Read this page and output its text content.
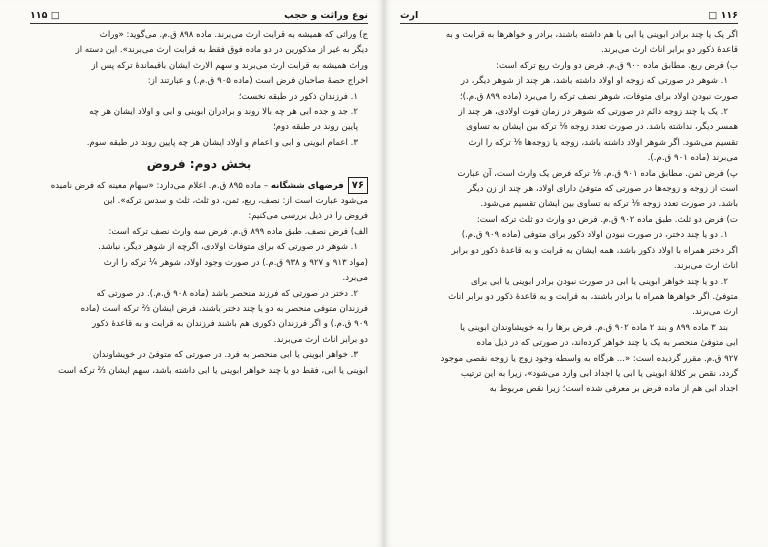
نوع وراثت و حجب
□ ۱۱۵

ج) وراثی که همیشه به قرابت ارث می‌برند. ماده ۸۹۸ ق.م. می‌گوید: «وراث

دیگر به غیر از مذکورین در دو ماده فوق فقط به قرابت ارث می‌برند». این دسته از

وراث همیشه به قرابت ارث می‌برند و سهم الارث ایشان باقیماندهٔ ترکه پس از

اخراج حصهٔ صاحبان فرض است (ماده ۹۰۵ ق.م.) و عبارتند از:

۱. فرزندان ذکور در طبقه نخست؛

۲. جد و جده ابی هر چه بالا روند و برادران ابوینی و ابی و اولاد ایشان هر چه

پایین روند در طبقه دوم؛

۳. اعمام ابوینی و ابی و اعمام و اولاد ایشان هر چه پایین روند در طبقه سوم.

بخش دوم: فروض

۷۶فرضهای ششگانه – ماده ۸۹۵ ق.م. اعلام می‌دارد: «سهام معینه که فرض نامیده

می‌شود عبارت است از: نصف، ربع، ثمن، دو ثلث، ثلث و سدس ترکه». این

فروض را در ذیل بررسی می‌کنیم:

الف) فرض نصف. طبق ماده ۸۹۹ ق.م. فرض سه وارث نصف ترکه است:

۱. شوهر در صورتی که برای متوفات اولادی، اگرچه از شوهر دیگر، نباشد.

(مواد ۹۱۳ و ۹۲۷ و ۹۳۸ ق.م.) در صورت وجود اولاد، شوهر ¼ ترکه را ارث

می‌برد.

۲. دختر در صورتی که فرزند منحصر باشد (ماده ۹۰۸ ق.م.). در صورتی که

فرزندان متوفی منحصر به دو یا چند دختر باشند، فرض ایشان ⅔ ترکه است (ماده

۹۰۹ ق.م.) و اگر فرزندان ذکوری هم باشند فرزندان به قرابت و به قاعدهٔ ذکور

دو برابر اناث ارث می‌برند.

۳. خواهر ابوینی یا ابی منحصر به فرد. در صورتی که متوفیٰ در خویشاوندان

ابوینی یا ابی، فقط دو یا چند خواهر ابوینی یا ابی داشته باشد، سهم ایشان ⅔ ترکه است

۱۱۶ □
ارث

اگر یک یا چند برادر ابوینی یا ابی با هم داشته باشند، برادر و خواهرها به قرابت و به

قاعدهٔ ذکور دو برابر اناث ارث می‌برند.

ب) فرض ربع. مطابق ماده ۹۰۰ ق.م. فرض دو وارث ربع ترکه است:

۱. شوهر در صورتی که زوجه او اولاد داشته باشد، هر چند از شوهر دیگر، در

صورت نبودن اولاد برای متوفات، شوهر نصف ترکه را می‌برد (ماده ۸۹۹ ق.م.)؛

۲. یک یا چند زوجه دائم در صورتی که شوهر در زمان فوت اولادی، هر چند از

همسر دیگر، نداشته باشد. در صورت تعدد زوجه ⅛ ترکه بین ایشان به تساوی

تقسیم می‌شود. اگر شوهر اولاد داشته باشد، زوجه یا زوجه‌ها ⅛ ترکه را ارث

می‌برند (ماده ۹۰۱ ق.م.).

پ) فرض ثمن. مطابق ماده ۹۰۱ ق.م. ⅛ ترکه فرض یک وارث است، آن عبارت

است از زوجه و زوجه‌ها در صورتی که متوفیٰ دارای اولاد، هر چند از زن دیگر

باشد. در صورت تعدد زوجه ⅛ ترکه به تساوی بین ایشان تقسیم می‌شود.

ت) فرض دو ثلث. طبق ماده ۹۰۲ ق.م. فرض دو وارث دو ثلث ترکه است:

۱. دو یا چند دختر، در صورت نبودن اولاد ذکور برای متوفی (ماده ۹۰۹ ق.م.)

اگر دختر همراه با اولاد ذکور باشد، همه ایشان به قرابت و به قاعدهٔ ذکور دو برابر

اناث ارث می‌برند.

۲. دو یا چند خواهر ابوینی یا ابی در صورت نبودن برادر ابوینی یا ابی برای

متوفیٰ. اگر خواهرها همراه با برادر باشند، به قرابت و به قاعدهٔ ذکور دو برابر اناث

ارث می‌برند.

بند ۳ ماده ۸۹۹ و بند ۲ ماده ۹۰۲ ق.م. فرض برها را به خویشاوندان ابوینی یا

ابی متوفیٰ منحصر به یک یا چند خواهر کرده‌اند، در صورتی که در ذیل ماده

۹۲۷ ق.م. مقرر گردیده است: «... هرگاه به واسطه وجود زوج یا زوجه نقصی موجود

گردد، نقص بر کلالهٔ ابوینی یا ابی یا اجداد ابی وارد می‌شود»، زیرا به این ترتیب

اجداد ابی هم از ماده فرض بر معرفی شده است؛ زیرا نقص مربوط به
